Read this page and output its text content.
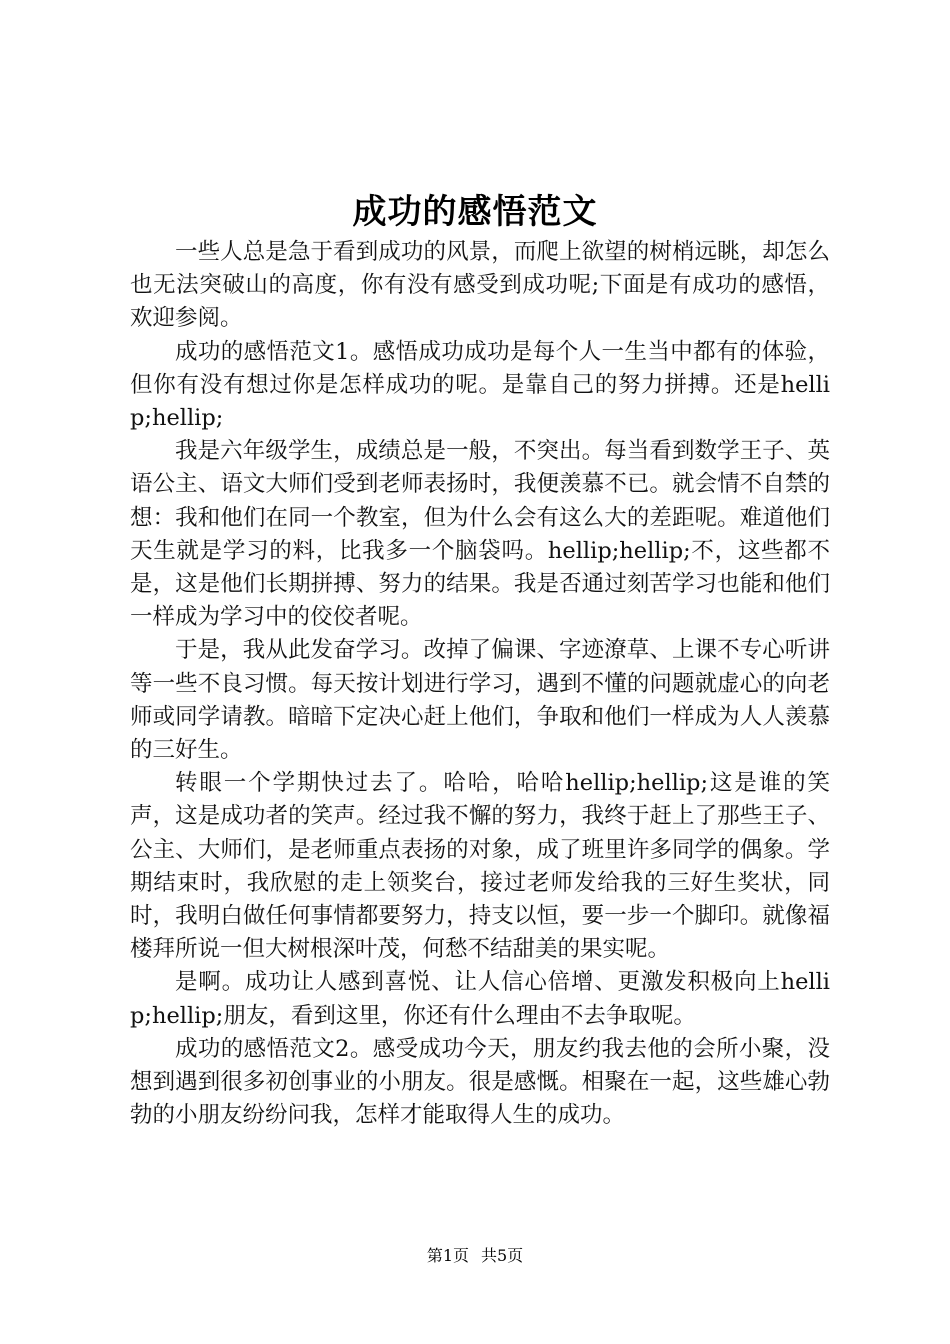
成功的感悟范文

一些人总是急于看到成功的风景，而爬上欲望的树梢远眺，却怎么也无法突破山的高度，你有没有感受到成功呢;下面是有成功的感悟，欢迎参阅。

成功的感悟范文1。感悟成功成功是每个人一生当中都有的体验，但你有没有想过你是怎样成功的呢。是靠自己的努力拼搏。还是hellip;hellip;

我是六年级学生，成绩总是一般，不突出。每当看到数学王子、英语公主、语文大师们受到老师表扬时，我便羡慕不已。就会情不自禁的想：我和他们在同一个教室，但为什么会有这么大的差距呢。难道他们天生就是学习的料，比我多一个脑袋吗。hellip;hellip;不，这些都不是，这是他们长期拼搏、努力的结果。我是否通过刻苦学习也能和他们一样成为学习中的佼佼者呢。

于是，我从此发奋学习。改掉了偏课、字迹潦草、上课不专心听讲等一些不良习惯。每天按计划进行学习，遇到不懂的问题就虚心的向老师或同学请教。暗暗下定决心赶上他们，争取和他们一样成为人人羡慕的三好生。

转眼一个学期快过去了。哈哈，哈哈hellip;hellip;这是谁的笑声，这是成功者的笑声。经过我不懈的努力，我终于赶上了那些王子、公主、大师们，是老师重点表扬的对象，成了班里许多同学的偶象。学期结束时，我欣慰的走上领奖台，接过老师发给我的三好生奖状，同时，我明白做任何事情都要努力，持支以恒，要一步一个脚印。就像福楼拜所说一但大树根深叶茂，何愁不结甜美的果实呢。

是啊。成功让人感到喜悦、让人信心倍增、更激发积极向上hellip;hellip;朋友，看到这里，你还有什么理由不去争取呢。

成功的感悟范文2。感受成功今天，朋友约我去他的会所小聚，没想到遇到很多初创事业的小朋友。很是感慨。相聚在一起，这些雄心勃勃的小朋友纷纷问我，怎样才能取得人生的成功。

第1页 共5页
